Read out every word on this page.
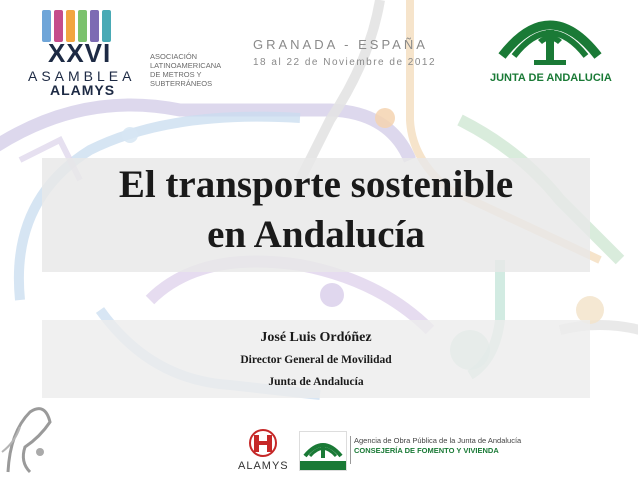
XXVI
ASAMBLEA
ALAMYS
ASOCIACIÓN
LATINOAMERICANA
DE METROS Y
SUBTERRÁNEOS
GRANADA - ESPAÑA
18 al 22 de Noviembre de 2012
JUNTA DE ANDALUCIA
El transporte sostenible
en Andalucía
José Luis Ordóñez
Director General de Movilidad
Junta de Andalucía
ALAMYS
Agencia de Obra Pública de la Junta de Andalucía
CONSEJERÍA DE FOMENTO Y VIVIENDA
